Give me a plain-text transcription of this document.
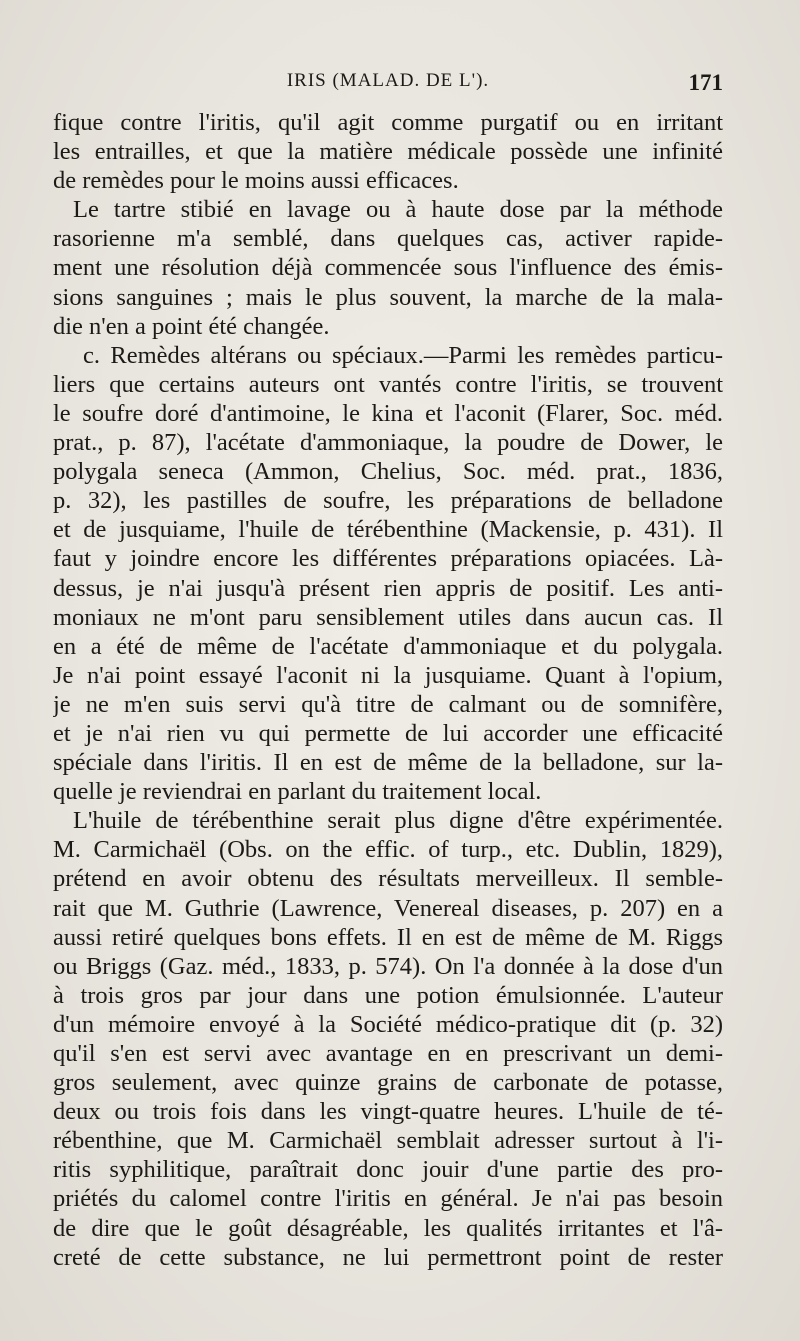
IRIS (MALAD. DE L').	171
fique contre l'iritis, qu'il agit comme purgatif ou en irritant
les entrailles, et que la matière médicale possède une infinité
de remèdes pour le moins aussi efficaces.
Le tartre stibié en lavage ou à haute dose par la méthode
rasorienne m'a semblé, dans quelques cas, activer rapide-
ment une résolution déjà commencée sous l'influence des émis-
sions sanguines ; mais le plus souvent, la marche de la mala-
die n'en a point été changée.
c. Remèdes altérans ou spéciaux.—Parmi les remèdes particu-
liers que certains auteurs ont vantés contre l'iritis, se trouvent
le soufre doré d'antimoine, le kina et l'aconit (Flarer, Soc. méd.
prat., p. 87), l'acétate d'ammoniaque, la poudre de Dower, le
polygala seneca (Ammon, Chelius, Soc. méd. prat., 1836,
p. 32), les pastilles de soufre, les préparations de belladone
et de jusquiame, l'huile de térébenthine (Mackensie, p. 431). Il
faut y joindre encore les différentes préparations opiacées. Là-
dessus, je n'ai jusqu'à présent rien appris de positif. Les anti-
moniaux ne m'ont paru sensiblement utiles dans aucun cas. Il
en a été de même de l'acétate d'ammoniaque et du polygala.
Je n'ai point essayé l'aconit ni la jusquiame. Quant à l'opium,
je ne m'en suis servi qu'à titre de calmant ou de somnifère,
et je n'ai rien vu qui permette de lui accorder une efficacité
spéciale dans l'iritis. Il en est de même de la belladone, sur la-
quelle je reviendrai en parlant du traitement local.
L'huile de térébenthine serait plus digne d'être expérimentée.
M. Carmichaël (Obs. on the effic. of turp., etc. Dublin, 1829),
prétend en avoir obtenu des résultats merveilleux. Il semble-
rait que M. Guthrie (Lawrence, Venereal diseases, p. 207) en a
aussi retiré quelques bons effets. Il en est de même de M. Riggs
ou Briggs (Gaz. méd., 1833, p. 574). On l'a donnée à la dose d'un
à trois gros par jour dans une potion émulsionnée. L'auteur
d'un mémoire envoyé à la Société médico-pratique dit (p. 32)
qu'il s'en est servi avec avantage en en prescrivant un demi-
gros seulement, avec quinze grains de carbonate de potasse,
deux ou trois fois dans les vingt-quatre heures. L'huile de té-
rébenthine, que M. Carmichaël semblait adresser surtout à l'i-
ritis syphilitique, paraîtrait donc jouir d'une partie des pro-
priétés du calomel contre l'iritis en général. Je n'ai pas besoin
de dire que le goût désagréable, les qualités irritantes et l'â-
creté de cette substance, ne lui permettront point de rester
